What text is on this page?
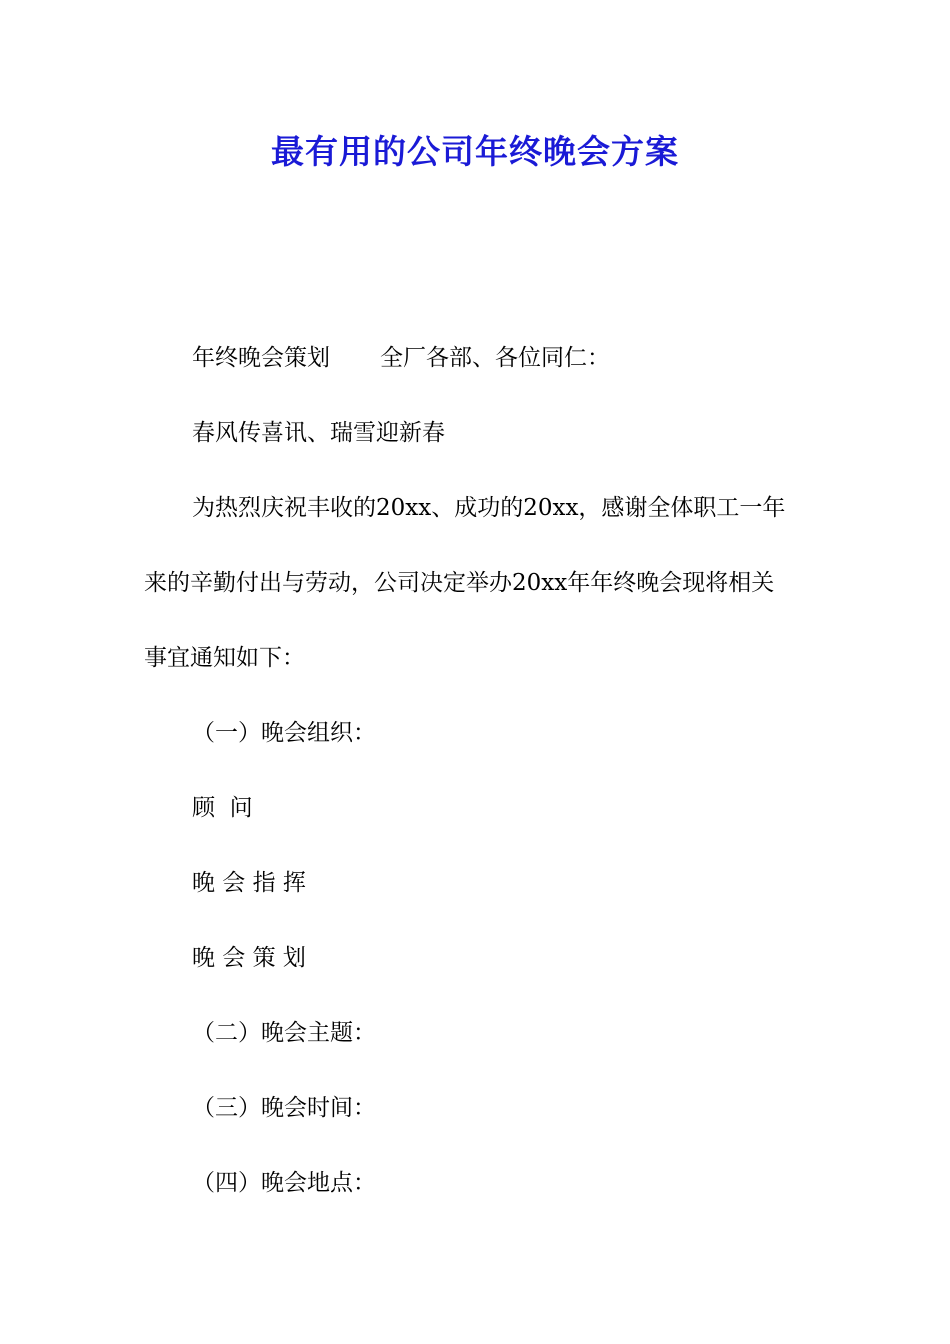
最有用的公司年终晚会方案
年终晚会策划 全厂各部、各位同仁：
春风传喜讯、瑞雪迎新春
为热烈庆祝丰收的20xx、成功的20xx，感谢全体职工一年
来的辛勤付出与劳动，公司决定举办20xx年年终晚会现将相关
事宜通知如下：
（一）晚会组织：
顾  问
晚 会 指 挥
晚 会 策 划
（二）晚会主题：
（三）晚会时间：
（四）晚会地点：
